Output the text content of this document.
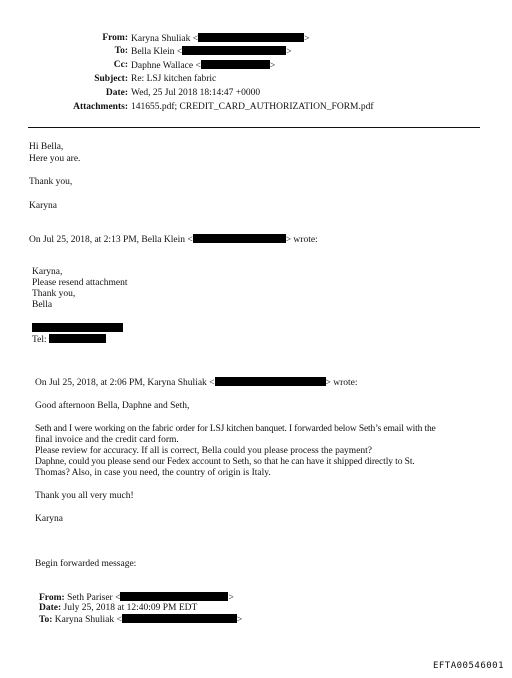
From: Karyna Shuliak <	>
To: Bella Klein <	>
Cc: Daphne Wallace <	>
Subject: Re: LSJ kitchen fabric
Date: Wed, 25 Jul 2018 18:14:47 +0000
Attachments: 141655.pdf; CREDIT_CARD_AUTHORIZATION_FORM.pdf
Hi Bella,
Here you are.
Thank you,
Karyna
On Jul 25, 2018, at 2:13 PM, Bella Klein <	> wrote:
Karyna,
Please resend attachment
Thank you,
Bella
Tel:
On Jul 25, 2018, at 2:06 PM, Karyna Shuliak <	> wrote:
Good afternoon Bella, Daphne and Seth,
Seth and I were working on the fabric order for LSJ kitchen banquet. I forwarded below Seth’s email with the
final invoice and the credit card form.
Please review for accuracy. If all is correct, Bella could you please process the payment?
Daphne, could you please send our Fedex account to Seth, so that he can have it shipped directly to St.
Thomas? Also, in case you need, the country of origin is Italy.
Thank you all very much!
Karyna
Begin forwarded message:
From: Seth Pariser <	>
Date: July 25, 2018 at 12:40:09 PM EDT
To: Karyna Shuliak <	>
EFTA00546001
